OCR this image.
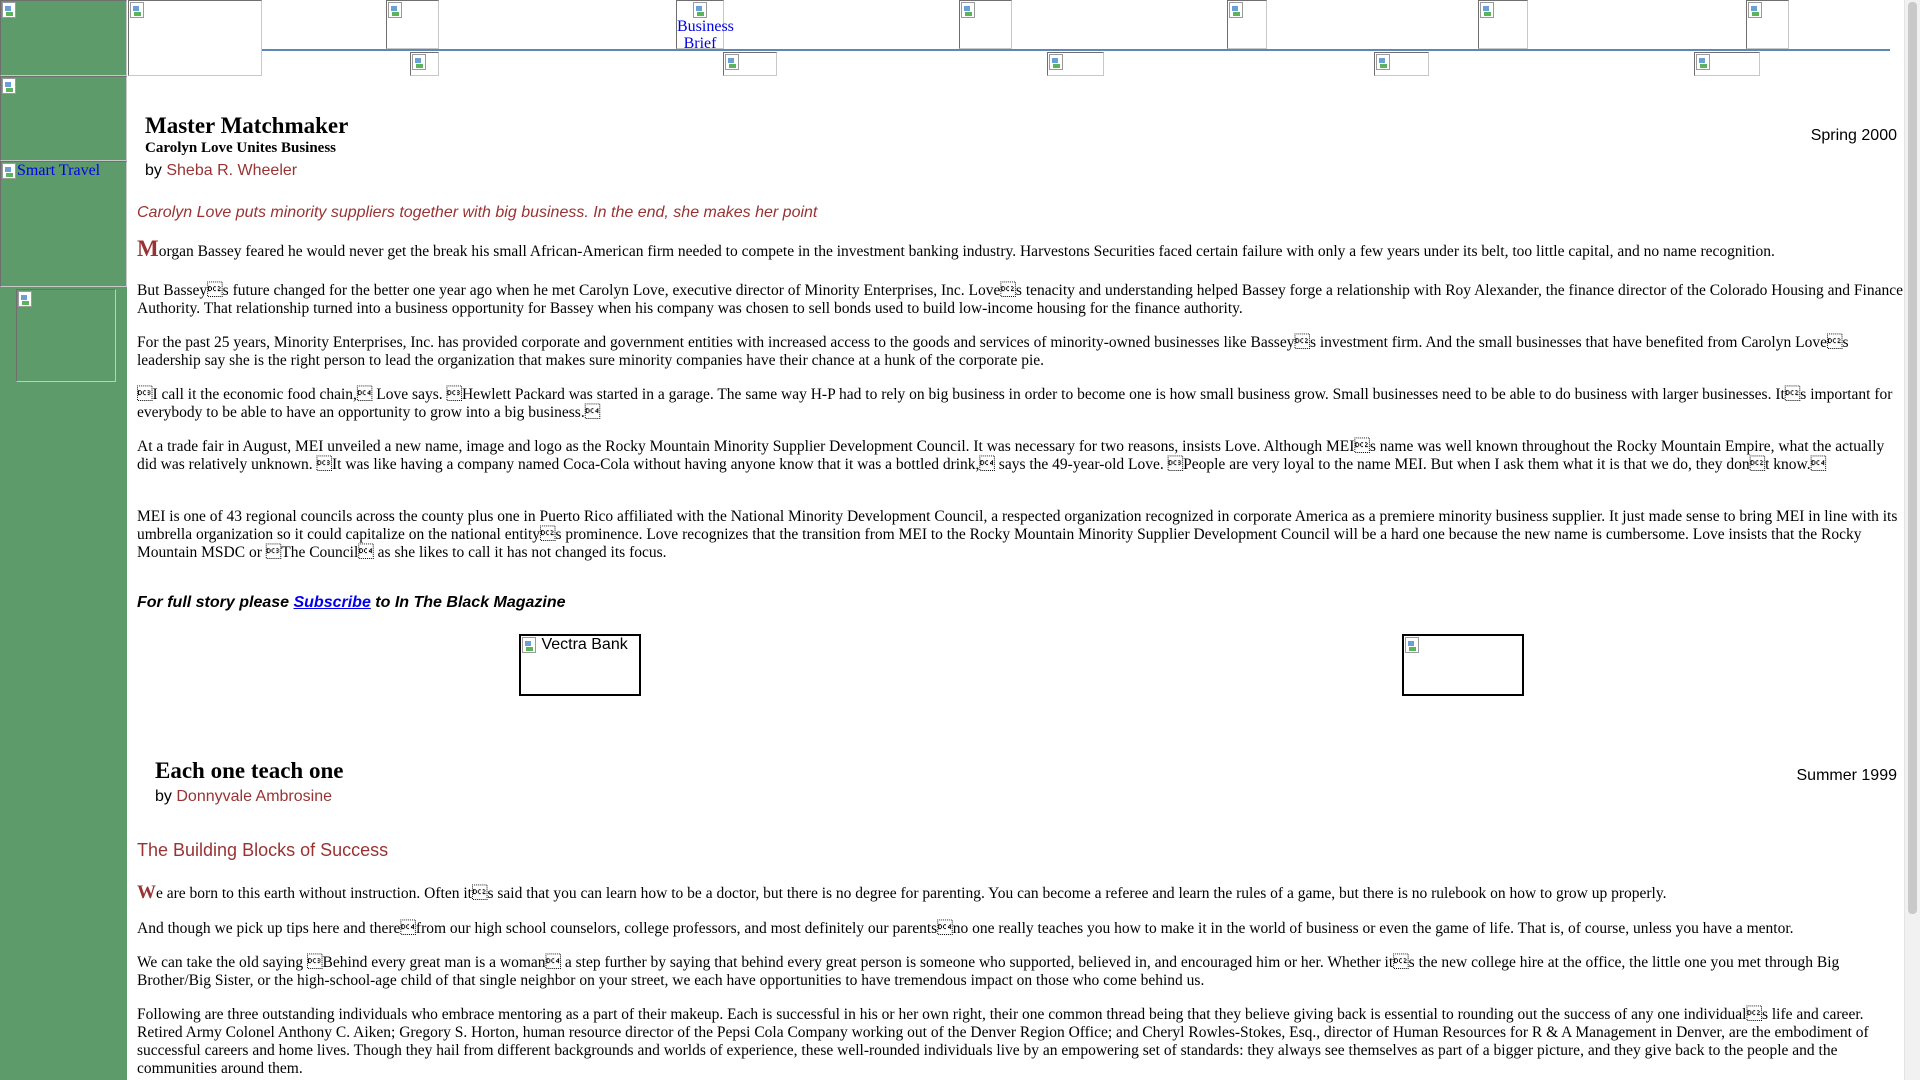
Smart Travel
Business Brief
Master Matchmaker	Spring 2000
Carolyn Love Unites Business
by Sheba R. Wheeler
Carolyn Love puts minority suppliers together with big business. In the end, she makes her point

Morgan Bassey feared he would never get the break his small African-American firm needed to compete in the investment banking industry. Harvestons Securities faced certain failure with only a few years under its belt, too little capital, and no name recognition.

But Basseys future changed for the better one year ago when he met Carolyn Love, executive director of Minority Enterprises, Inc. Loves tenacity and understanding helped Bassey forge a relationship with Roy Alexander, the finance director of the Colorado Housing and Finance Authority. That relationship turned into a business opportunity for Bassey when his company was chosen to sell bonds used to build low-income housing for the finance authority.

For the past 25 years, Minority Enterprises, Inc. has provided corporate and government entities with increased access to the goods and services of minority-owned businesses like Basseys investment firm. And the small businesses that have benefited from Carolyn Loves leadership say she is the right person to lead the organization that makes sure minority companies have their chance at a hunk of the corporate pie.

I call it the economic food chain, Love says. Hewlett Packard was started in a garage. The same way H-P had to rely on big business in order to become one is how small business grow. Small businesses need to be able to do business with larger businesses. Its important for everybody to be able to have an opportunity to grow into a big business.

At a trade fair in August, MEI unveiled a new name, image and logo as the Rocky Mountain Minority Supplier Development Council. It was necessary for two reasons, insists Love. Although MEIs name was well known throughout the Rocky Mountain Empire, what the actually did was relatively unknown. It was like having a company named Coca-Cola without having anyone know that it was a bottled drink, says the 49-year-old Love. People are very loyal to the name MEI. But when I ask them what it is that we do, they dont know.

MEI is one of 43 regional councils across the county plus one in Puerto Rico affiliated with the National Minority Development Council, a respected organization recognized in corporate America as a premiere minority business supplier. It just made sense to bring MEI in line with its umbrella organization so it could capitalize on the national entitys prominence. Love recognizes that the transition from MEI to the Rocky Mountain Minority Supplier Development Council will be a hard one because the new name is cumbersome. Love insists that the Rocky Mountain MSDC or The Council as she likes to call it has not changed its focus.

For full story please Subscribe to In The Black Magazine
Vectra Bank
Each one teach one	Summer 1999
by Donnyvale Ambrosine
The Building Blocks of Success

We are born to this earth without instruction. Often its said that you can learn how to be a doctor, but there is no degree for parenting. You can become a referee and learn the rules of a game, but there is no rulebook on how to grow up properly.

And though we pick up tips here and therefrom our high school counselors, college professors, and most definitely our parentsno one really teaches you how to make it in the world of business or even the game of life. That is, of course, unless you have a mentor.

We can take the old saying Behind every great man is a woman a step further by saying that behind every great person is someone who supported, believed in, and encouraged him or her. Whether its the new college hire at the office, the little one you met through Big Brother/Big Sister, or the high-school-age child of that single neighbor on your street, we each have opportunities to have tremendous impact on those who come behind us.

Following are three outstanding individuals who embrace mentoring as a part of their makeup. Each is successful in his or her own right, their one common thread being that they believe giving back is essential to rounding out the success of any one individuals life and career. Retired Army Colonel Anthony C. Aiken; Gregory S. Horton, human resource director of the Pepsi Cola Company working out of the Denver Region Office; and Cheryl Rowles-Stokes, Esq., director of Human Resources for R & A Management in Denver, are the embodiment of successful careers and home lives. Though they hail from different backgrounds and worlds of experience, these well-rounded individuals live by an empowering set of standards: they always see themselves as part of a bigger picture, and they give back to the people and the communities around them.
